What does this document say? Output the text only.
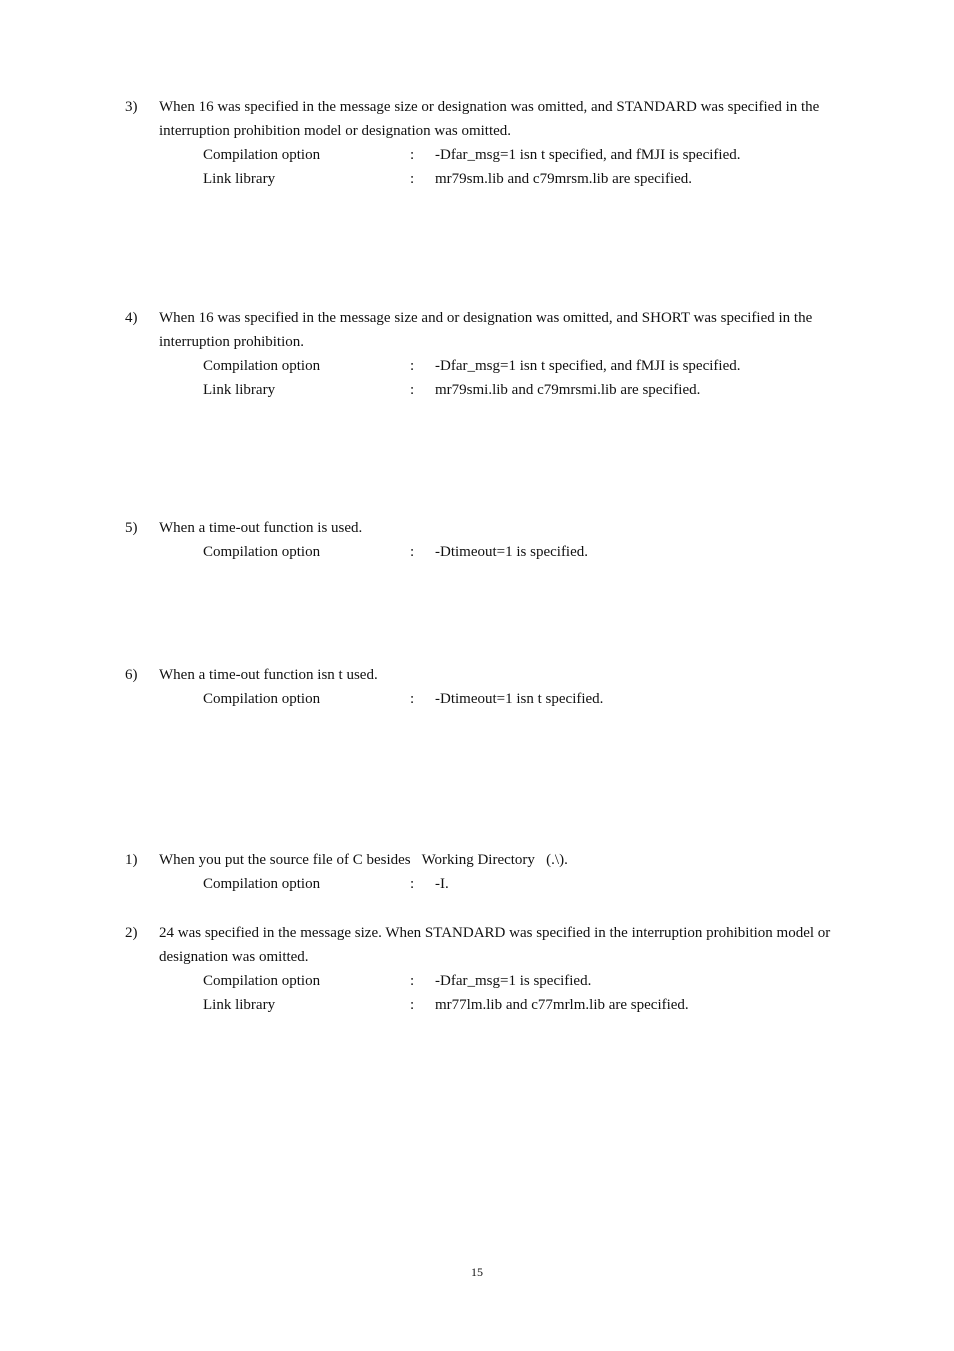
3) When 16 was specified in the message size or designation was omitted, and STANDARD was specified in the interruption prohibition model or designation was omitted.
Compilation option	: -Dfar_msg=1 isn t specified, and fMJI is specified.
Link library	: mr79sm.lib and c79mrsm.lib are specified.
4) When 16 was specified in the message size and or designation was omitted, and SHORT was specified in the interruption prohibition.
Compilation option	: -Dfar_msg=1 isn t specified, and fMJI is specified.
Link library	: mr79smi.lib and c79mrsmi.lib are specified.
5) When a time-out function is used.
Compilation option	: -Dtimeout=1 is specified.
6) When a time-out function isn t used.
Compilation option	: -Dtimeout=1 isn t specified.
1) When you put the source file of C besides   Working Directory   (.\).
Compilation option	: -I.
2) 24 was specified in the message size. When STANDARD was specified in the interruption prohibition model or designation was omitted.
Compilation option	: -Dfar_msg=1 is specified.
Link library	: mr77lm.lib and c77mrlm.lib are specified.
15
